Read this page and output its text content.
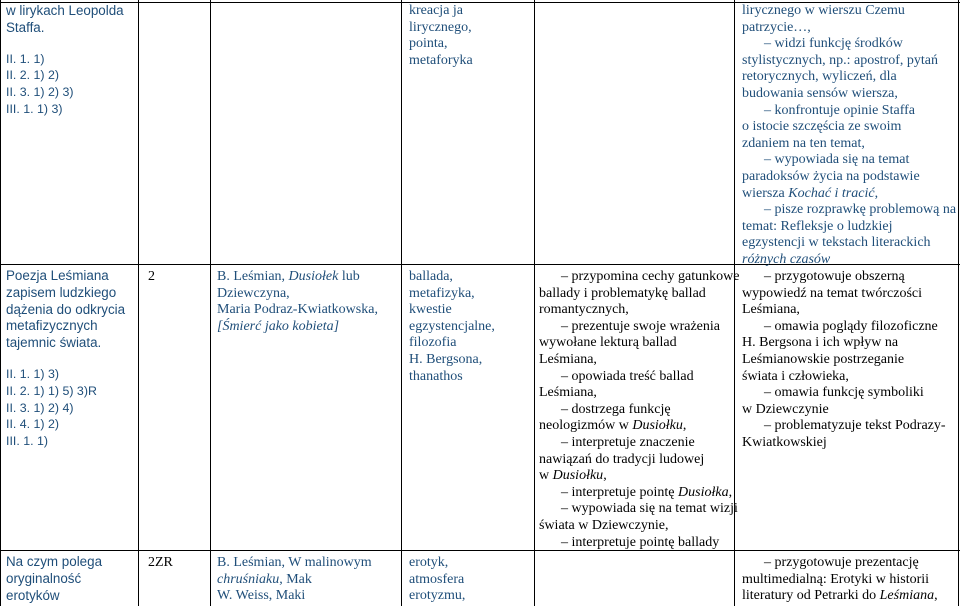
w lirykach Leopolda
Staffa.
II. 1. 1)
II. 2. 1) 2)
II. 3. 1) 2) 3)
III. 1. 1) 3)
Poezja Leśmiana
zapisem ludzkiego
dążenia do odkrycia
metafizycznych
tajemnic świata.
II. 1. 1) 3)
II. 2. 1) 1) 5) 3)R
II. 3. 1) 2) 4)
II. 4. 1) 2)
III. 1. 1)
Na czym polega
oryginalność
erotyków
2
2ZR
B. Leśmian, Dusiołek lub
Dziewczyna,
Maria Podraz-Kwiatkowska,
[Śmierć jako kobieta]
B. Leśmian, W malinowym
chruśniaku, Mak
W. Weiss, Maki
kreacja ja
lirycznego,
pointa,
metaforyka
ballada,
metafizyka,
kwestie
egzystencjalne,
filozofia
H. Bergsona,
thanathos
erotyk,
atmosfera
erotyzmu,
– przypomina cechy gatunkowe
ballady i problematykę ballad
romantycznych,
– prezentuje swoje wrażenia
wywołane lekturą ballad
Leśmiana,
– opowiada treść ballad
Leśmiana,
– dostrzega funkcję
neologizmów w Dusiołku,
– interpretuje znaczenie
nawiązań do tradycji ludowej
w Dusiołku,
– interpretuje pointę Dusiołka,
– wypowiada się na temat wizji
świata w Dziewczynie,
– interpretuje pointę ballady
lirycznego w wierszu Czemu
patrzycie…,
– widzi funkcję środków
stylistycznych, np.: apostrof, pytań
retorycznych, wyliczeń, dla
budowania sensów wiersza,
– konfrontuje opinie Staffa
o istocie szczęścia ze swoim
zdaniem na ten temat,
– wypowiada się na temat
paradoksów życia na podstawie
wiersza Kochać i tracić,
– pisze rozprawkę problemową na
temat: Refleksje o ludzkiej
egzystencji w tekstach literackich
różnych czasów
– przygotowuje obszerną
wypowiedź na temat twórczości
Leśmiana,
– omawia poglądy filozoficzne
H. Bergsona i ich wpływ na
Leśmianowskie postrzeganie
świata i człowieka,
– omawia funkcję symboliki
w Dziewczynie
– problematyzuje tekst Podrazy-
Kwiatkowskiej
– przygotowuje prezentację
multimedialną: Erotyki w historii
literatury od Petrarki do Leśmiana,
